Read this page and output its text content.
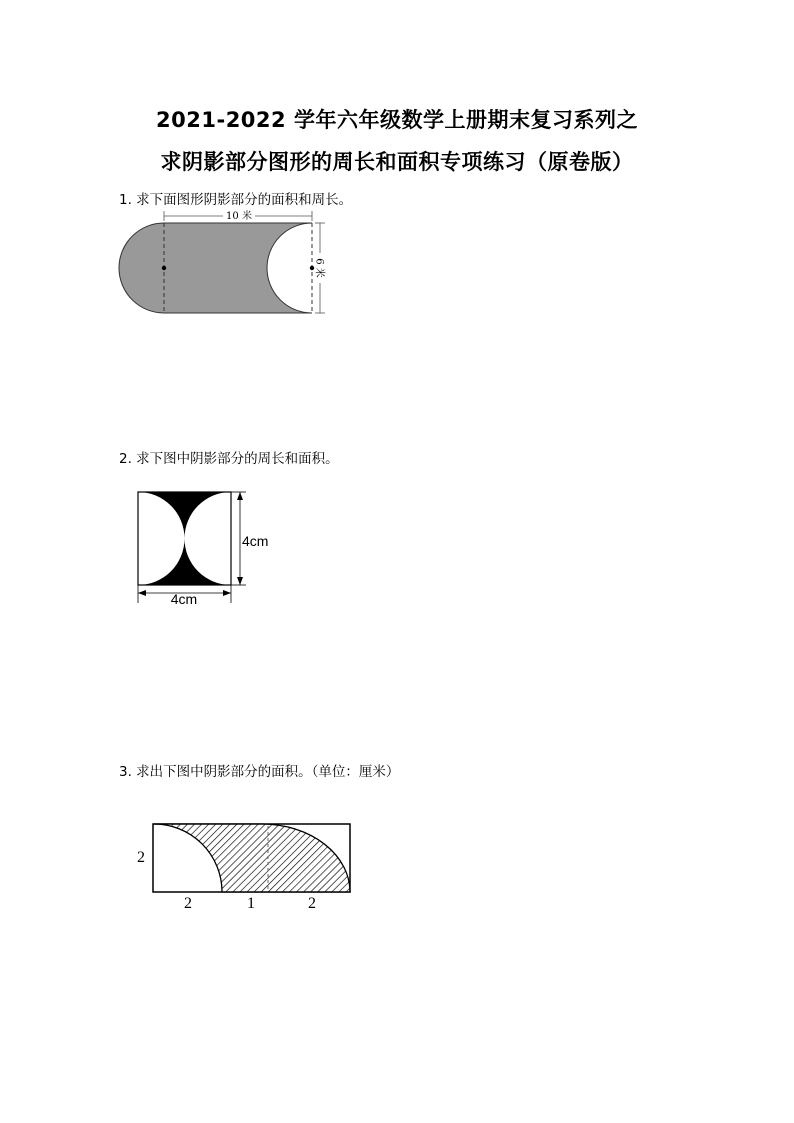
2021-2022 学年六年级数学上册期末复习系列之
求阴影部分图形的周长和面积专项练习（原卷版）
1. 求下面图形阴影部分的面积和周长。
2. 求下图中阴影部分的周长和面积。
3. 求出下图中阴影部分的面积。（单位：厘米）
10 米
6 米
4cm
4cm
2
2	1	2
